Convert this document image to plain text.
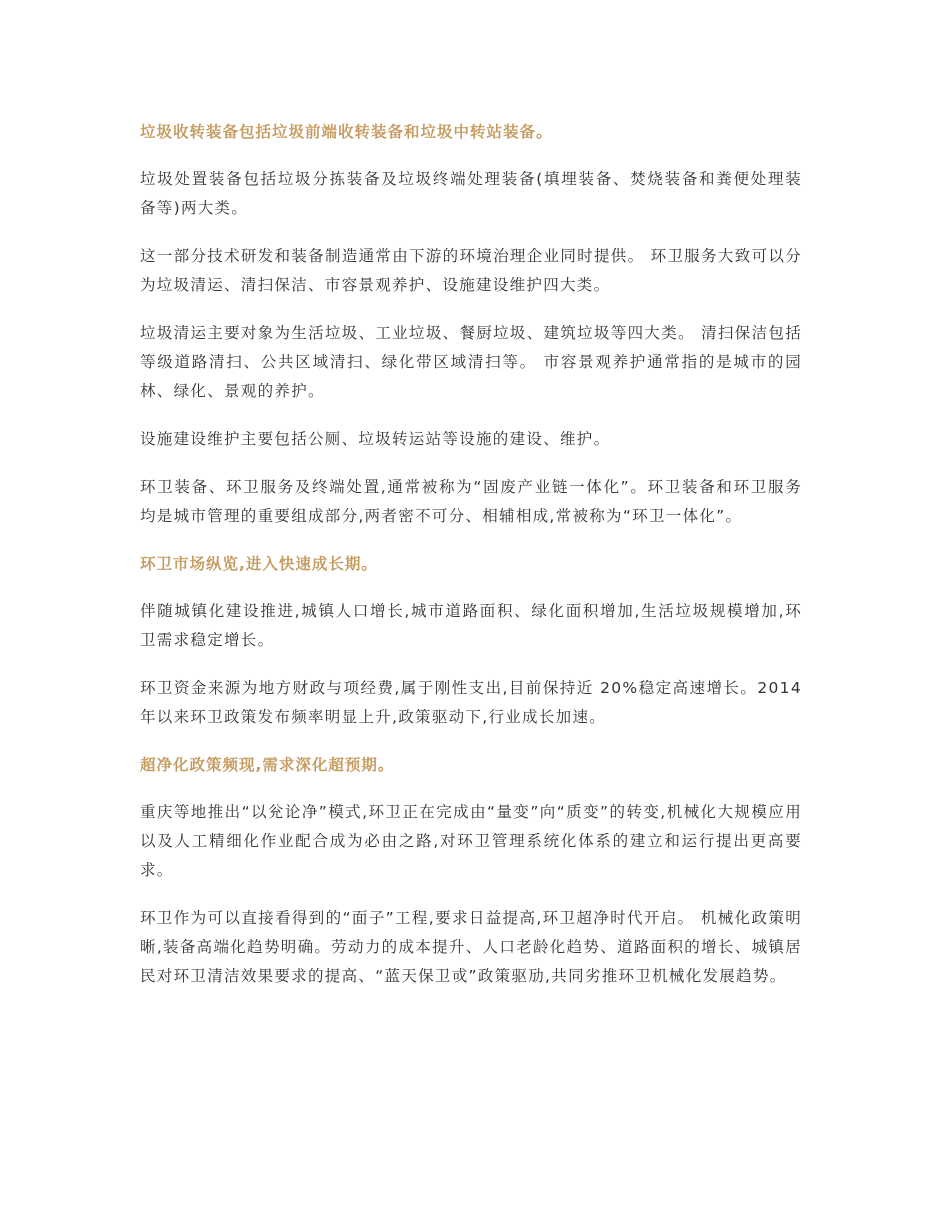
垃圾收转装备包括垃圾前端收转装备和垃圾中转站装备。
垃圾处置装备包括垃圾分拣装备及垃圾终端处理装备(填埋装备、焚烧装备和粪便处理装备等)两大类。
这一部分技术研发和装备制造通常由下游的环境治理企业同时提供。 环卫服务大致可以分为垃圾清运、清扫保洁、市容景观养护、设施建设维护四大类。
垃圾清运主要对象为生活垃圾、工业垃圾、餐厨垃圾、建筑垃圾等四大类。 清扫保洁包括等级道路清扫、公共区域清扫、绿化带区域清扫等。 市容景观养护通常指的是城市的园林、绿化、景观的养护。
设施建设维护主要包括公厕、垃圾转运站等设施的建设、维护。
环卫装备、环卫服务及终端处置,通常被称为“固废产业链一体化”。环卫装备和环卫服务均是城市管理的重要组成部分,两者密不可分、相辅相成,常被称为“环卫一体化”。
环卫市场纵览,进入快速成长期。
伴随城镇化建设推进,城镇人口增长,城市道路面积、绿化面积增加,生活垃圾规模增加,环卫需求稳定增长。
环卫资金来源为地方财政与项经费,属于刚性支出,目前保持近 20%稳定高速增长。2014 年以来环卫政策发布频率明显上升,政策驱动下,行业成长加速。
超净化政策频现,需求深化超预期。
重庆等地推出“以兊论净”模式,环卫正在完成由“量变”向“质变”的转变,机械化大规模应用以及人工精细化作业配合成为必由之路,对环卫管理系统化体系的建立和运行提出更高要求。
环卫作为可以直接看得到的“面子”工程,要求日益提高,环卫超净时代开启。 机械化政策明晰,装备高端化趋势明确。劳动力的成本提升、人口老龄化趋势、道路面积的增长、城镇居民对环卫清洁效果要求的提高、“蓝天保卫戓”政策驱劢,共同劣推环卫机械化发展趋势。
